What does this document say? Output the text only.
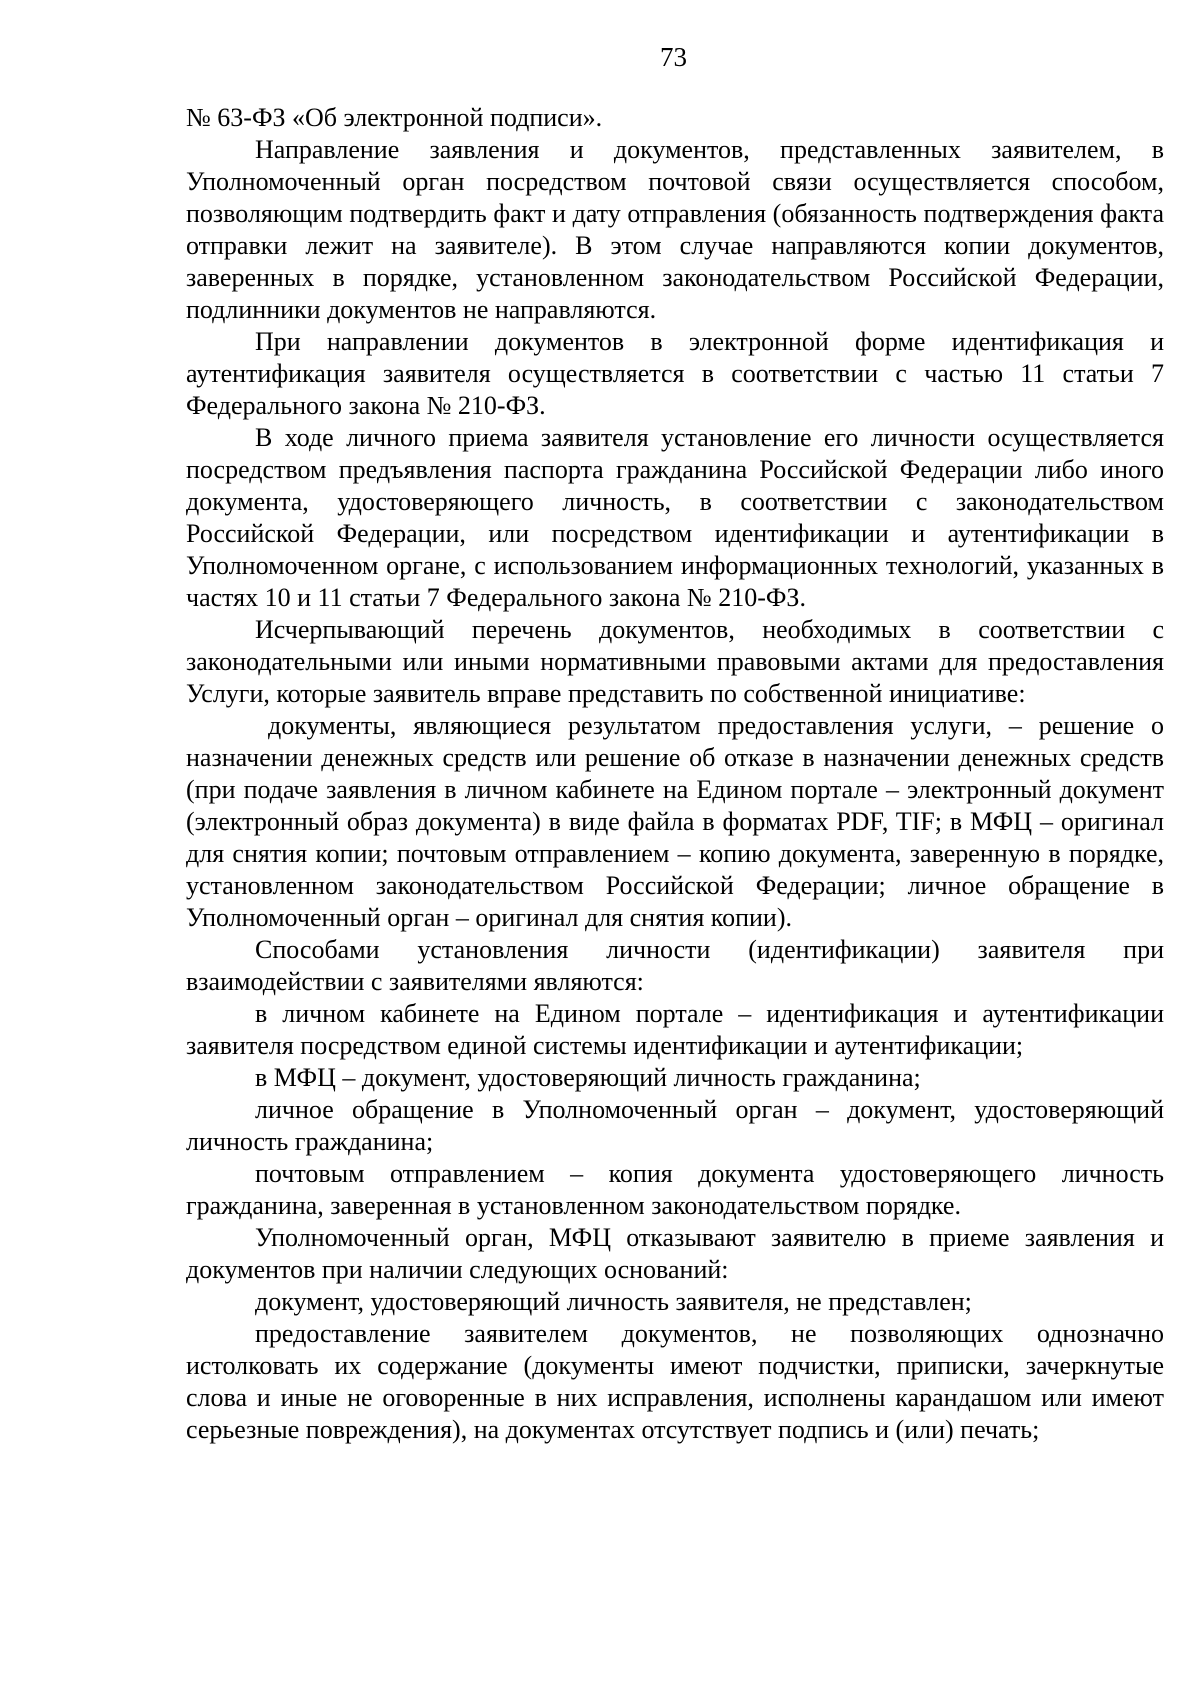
73

№ 63-ФЗ «Об электронной подписи».

Направление заявления и документов, представленных заявителем, в Уполномоченный орган посредством почтовой связи осуществляется способом, позволяющим подтвердить факт и дату отправления (обязанность подтверждения факта отправки лежит на заявителе). В этом случае направляются копии документов, заверенных в порядке, установленном законодательством Российской Федерации, подлинники документов не направляются.

При направлении документов в электронной форме идентификация и аутентификация заявителя осуществляется в соответствии с частью 11 статьи 7 Федерального закона № 210-ФЗ.

В ходе личного приема заявителя установление его личности осуществляется посредством предъявления паспорта гражданина Российской Федерации либо иного документа, удостоверяющего личность, в соответствии с законодательством Российской Федерации, или посредством идентификации и аутентификации в Уполномоченном органе, с использованием информационных технологий, указанных в частях 10 и 11 статьи 7 Федерального закона № 210-ФЗ.

Исчерпывающий перечень документов, необходимых в соответствии с законодательными или иными нормативными правовыми актами для предоставления Услуги, которые заявитель вправе представить по собственной инициативе:

документы, являющиеся результатом предоставления услуги, – решение о назначении денежных средств или решение об отказе в назначении денежных средств (при подаче заявления в личном кабинете на Едином портале – электронный документ (электронный образ документа) в виде файла в форматах PDF, TIF; в МФЦ – оригинал для снятия копии; почтовым отправлением – копию документа, заверенную в порядке, установленном законодательством Российской Федерации; личное обращение в Уполномоченный орган – оригинал для снятия копии).

Способами установления личности (идентификации) заявителя при взаимодействии с заявителями являются:

в личном кабинете на Едином портале – идентификация и аутентификации заявителя посредством единой системы идентификации и аутентификации;

в МФЦ – документ, удостоверяющий личность гражданина;

личное обращение в Уполномоченный орган – документ, удостоверяющий личность гражданина;

почтовым отправлением – копия документа удостоверяющего личность гражданина, заверенная в установленном законодательством порядке.

Уполномоченный орган, МФЦ отказывают заявителю в приеме заявления и документов при наличии следующих оснований:

документ, удостоверяющий личность заявителя, не представлен;

предоставление заявителем документов, не позволяющих однозначно истолковать их содержание (документы имеют подчистки, приписки, зачеркнутые слова и иные не оговоренные в них исправления, исполнены карандашом или имеют серьезные повреждения), на документах отсутствует подпись и (или) печать;
